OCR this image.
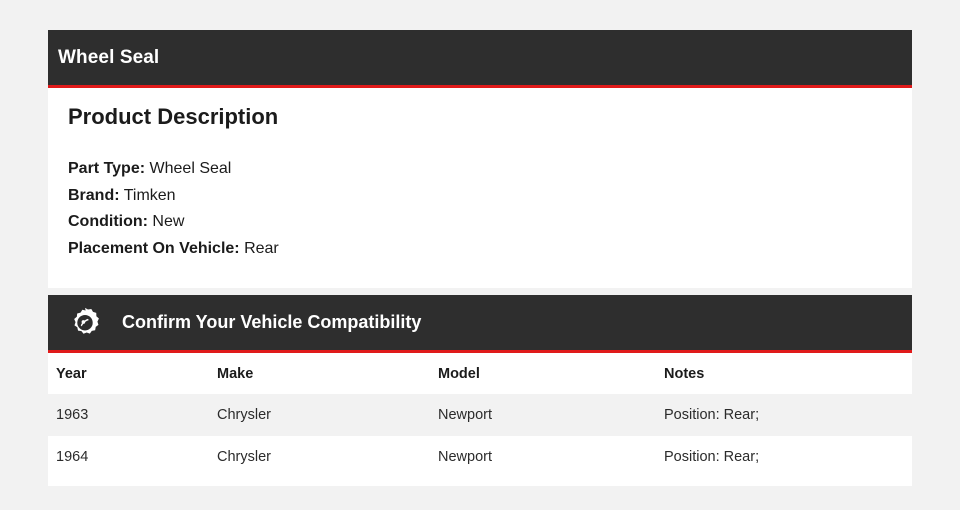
Wheel Seal
Product Description
Part Type: Wheel Seal
Brand: Timken
Condition: New
Placement On Vehicle: Rear
Confirm Your Vehicle Compatibility
Year	Make	Model	Notes
1963	Chrysler	Newport	Position: Rear;
1964	Chrysler	Newport	Position: Rear;
